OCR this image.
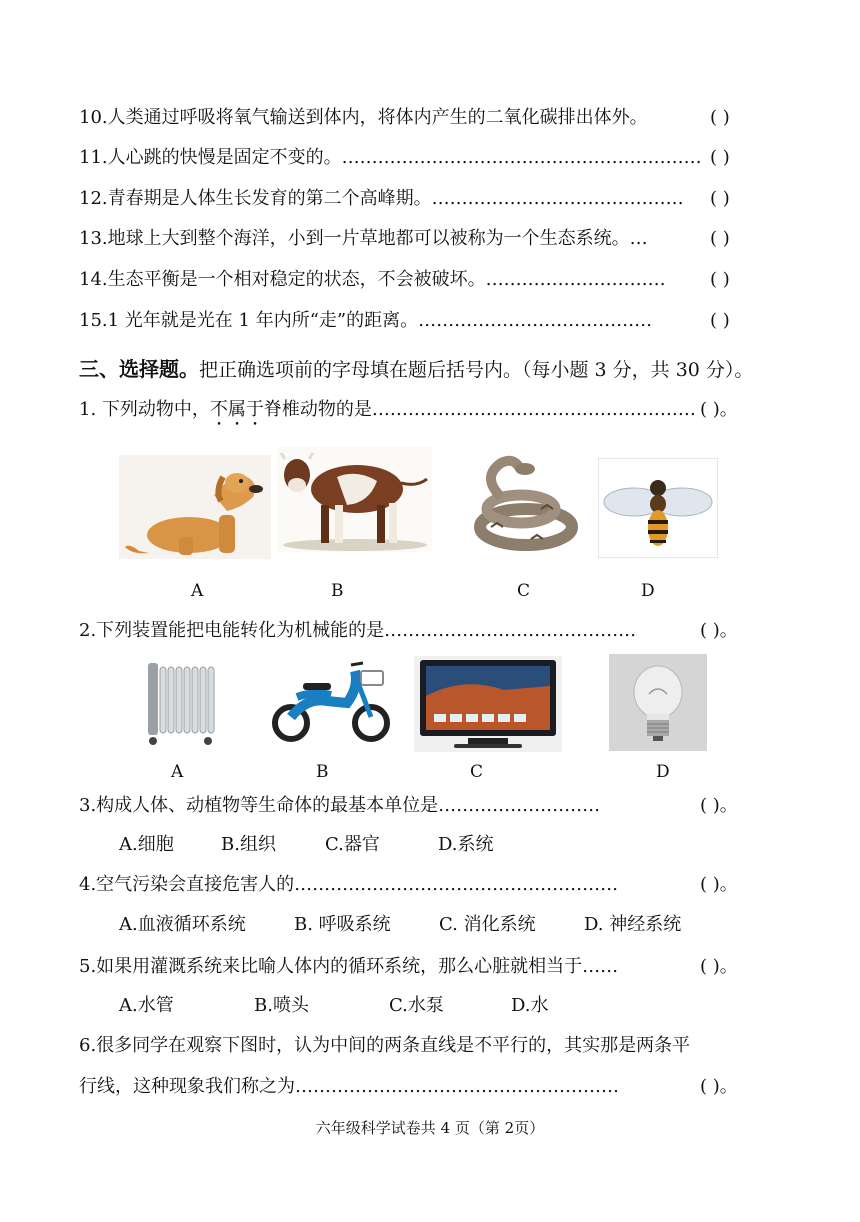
10.人类通过呼吸将氧气输送到体内，将体内产生的二氧化碳排出体外。	( )
11.人心跳的快慢是固定不变的。…………………………………………………… ( )
12.青春期是人体生长发育的第二个高峰期。…………………………………… ( )
13.地球上大到整个海洋，小到一片草地都可以被称为一个生态系统。…	( )
14.生态平衡是一个相对稳定的状态，不会被破坏。………………………… ( )
15.1 光年就是光在 1 年内所“走”的距离。…………………………………	( )
三、选择题。把正确选项前的字母填在题后括号内。（每小题 3 分，共 30 分）。
1. 下列动物中，不属于脊椎动物的是……………………………………………… ( )。
A	B	C	D
2.下列装置能把电能转化为机械能的是……………………………………	( )。
A	B	C	D
3.构成人体、动植物等生命体的最基本单位是………………………	( )。
A.细胞	B.组织	C.器官	D.系统
4.空气污染会直接危害人的………………………………………………	( )。
A.血液循环系统	B. 呼吸系统	C. 消化系统	D. 神经系统
5.如果用灌溉系统来比喻人体内的循环系统，那么心脏就相当于……	( )。
A.水管	B.喷头	C.水泵	D.水
6.很多同学在观察下图时，认为中间的两条直线是不平行的，其实那是两条平
行线，这种现象我们称之为………………………………………………	( )。
六年级科学试卷共 4 页（第 2页）
